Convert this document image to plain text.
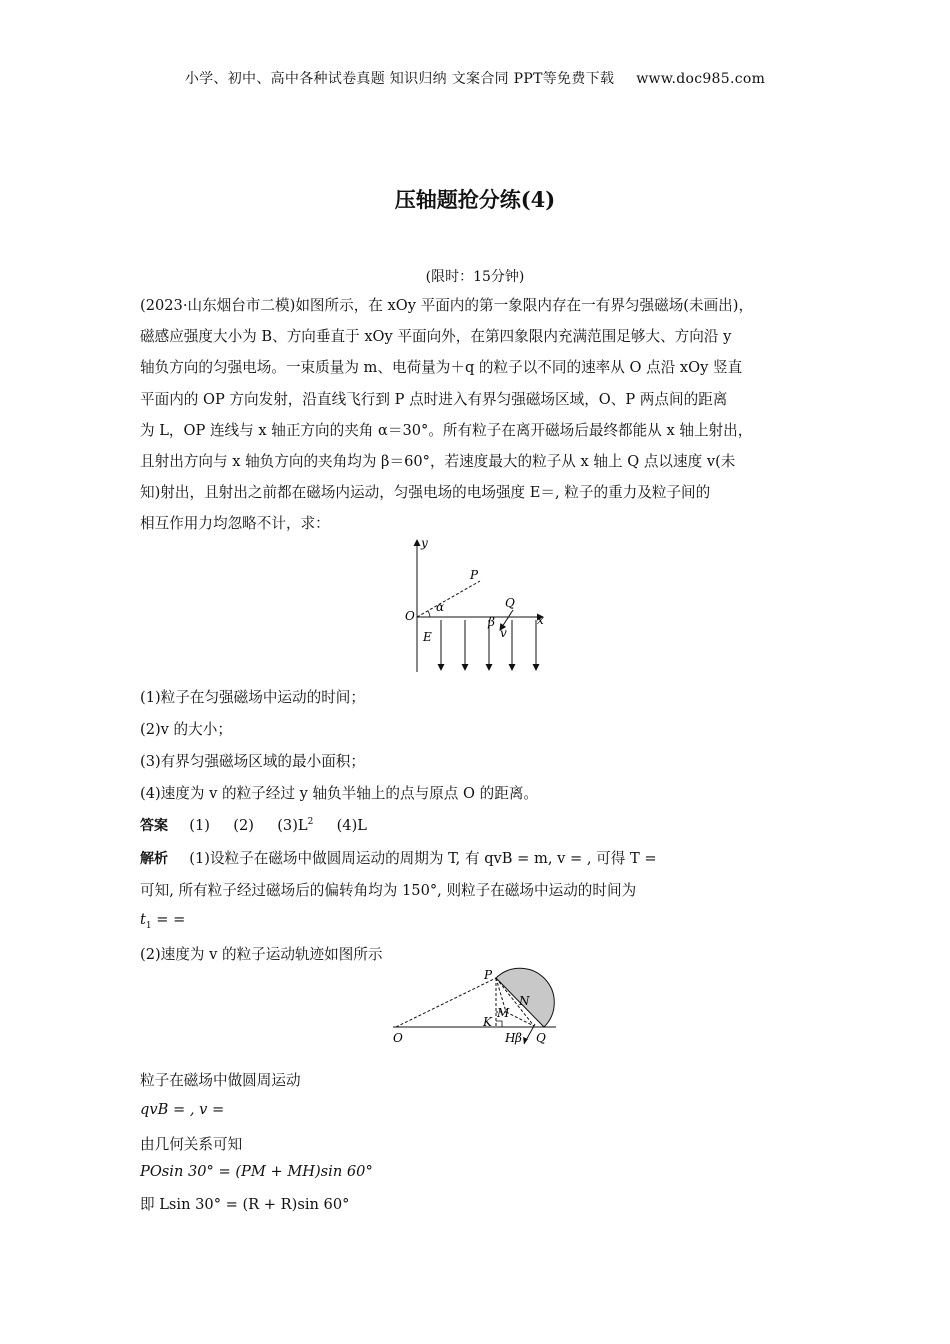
小学、初中、高中各种试卷真题 知识归纳 文案合同 PPT等免费下载 www.doc985.com
压轴题抢分练(4)
(限时：15分钟)
(2023·山东烟台市二模)如图所示，在 xOy 平面内的第一象限内存在一有界匀强磁场(未画出)，
磁感应强度大小为 B、方向垂直于 xOy 平面向外，在第四象限内充满范围足够大、方向沿 y
轴负方向的匀强电场。一束质量为 m、电荷量为＋q 的粒子以不同的速率从 O 点沿 xOy 竖直
平面内的 OP 方向发射，沿直线飞行到 P 点时进入有界匀强磁场区域，O、P 两点间的距离
为 L，OP 连线与 x 轴正方向的夹角 α＝30°。所有粒子在离开磁场后最终都能从 x 轴上射出，
且射出方向与 x 轴负方向的夹角均为 β＝60°，若速度最大的粒子从 x 轴上 Q 点以速度 v(未
知)射出，且射出之前都在磁场内运动，匀强电场的电场强度 E＝, 粒子的重力及粒子间的
相互作用力均忽略不计，求：
y
x
O
P
α	Q
β
v
E
(1)粒子在匀强磁场中运动的时间；
(2)v 的大小；
(3)有界匀强磁场区域的最小面积；
(4)速度为 v 的粒子经过 y 轴负半轴上的点与原点 O 的距离。
答案 (1) (2) $(3)L^2$ (4)L
解析 (1)设粒子在磁场中做圆周运动的周期为 T, 有 qvB = m, v = , 可得 T =
可知, 所有粒子经过磁场后的偏转角均为 150°, 则粒子在磁场中运动的时间为
$t_1$ = =
(2)速度为 v 的粒子运动轨迹如图所示
P
N
M
K
O	H β Q
粒子在磁场中做圆周运动
qvB = , v =
由几何关系可知
POsin 30° = (PM + MH)sin 60°
即 Lsin 30° = (R + R)sin 60°
